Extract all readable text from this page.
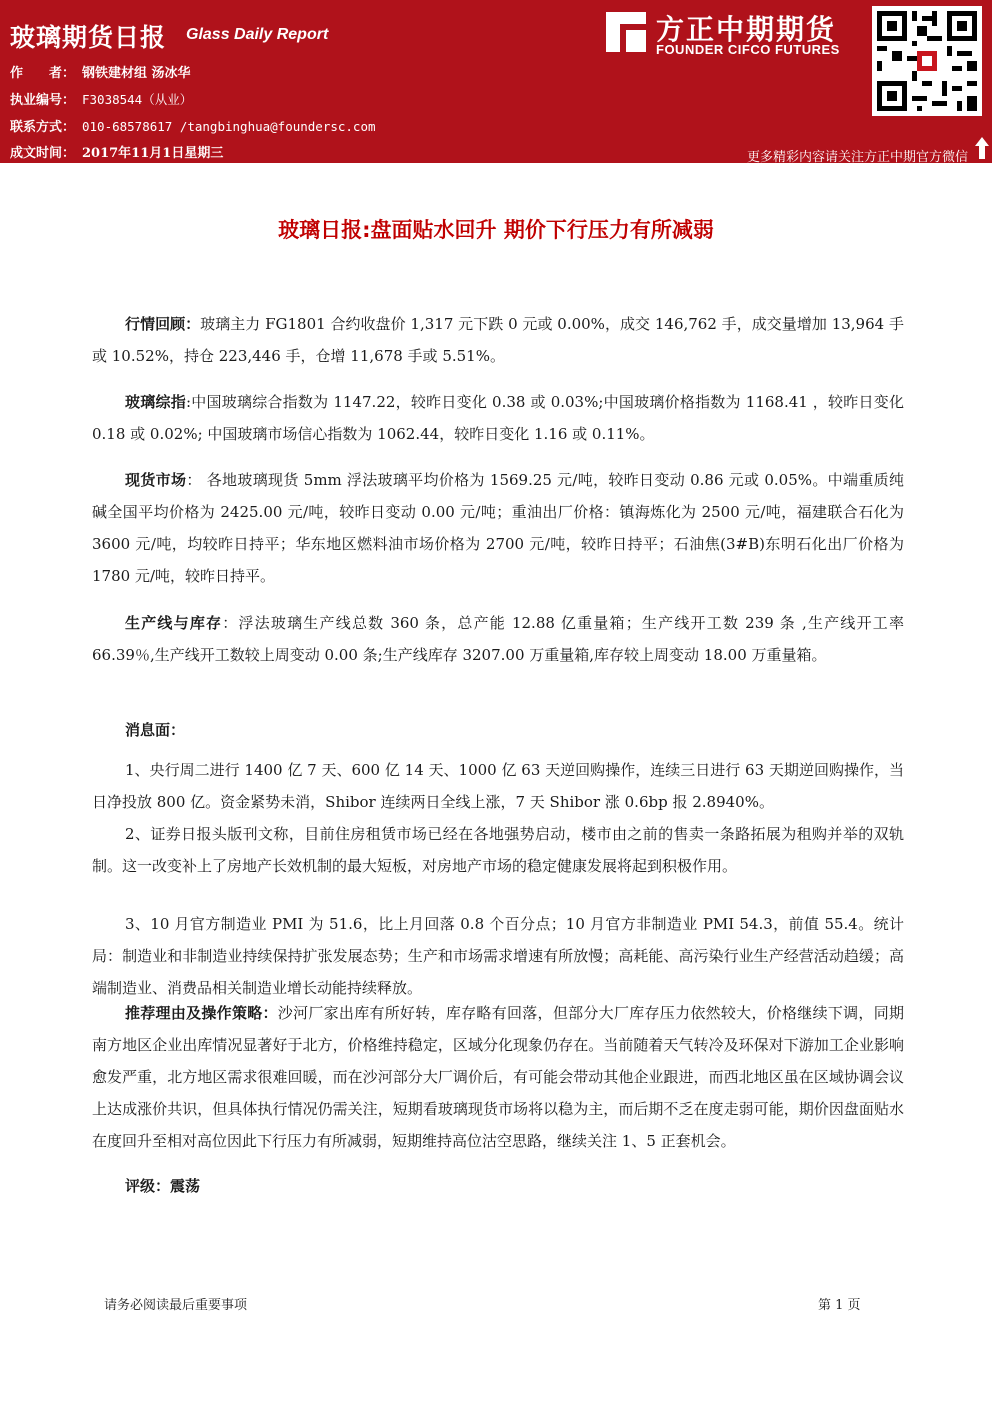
玻璃期货日报 Glass Daily Report
作　　者： 钢铁建材组 汤冰华
执业编号： F3038544（从业）
联系方式： 010-68578617 /tangbinghua@foundersc.com
成文时间： 2017年11月1日星期三
方正中期期货
FOUNDER CIFCO FUTURES
更多精彩内容请关注方正中期官方微信
玻璃日报:盘面贴水回升 期价下行压力有所减弱

行情回顾：玻璃主力 FG1801 合约收盘价 1,317 元下跌 0 元或 0.00%，成交 146,762 手，成交量增加 13,964 手或 10.52%，持仓 223,446 手，仓增 11,678 手或 5.51%。

玻璃综指:中国玻璃综合指数为 1147.22，较昨日变化 0.38 或 0.03%;中国玻璃价格指数为 1168.41 ，较昨日变化 0.18 或 0.02%; 中国玻璃市场信心指数为 1062.44，较昨日变化 1.16 或 0.11%。

现货市场： 各地玻璃现货 5mm 浮法玻璃平均价格为 1569.25 元/吨，较昨日变动 0.86 元或 0.05%。中端重质纯碱全国平均价格为 2425.00 元/吨，较昨日变动 0.00 元/吨；重油出厂价格：镇海炼化为 2500 元/吨，福建联合石化为 3600 元/吨，均较昨日持平；华东地区燃料油市场价格为 2700 元/吨，较昨日持平；石油焦(3#B)东明石化出厂价格为 1780 元/吨，较昨日持平。

生产线与库存：浮法玻璃生产线总数 360 条，总产能 12.88 亿重量箱；生产线开工数 239 条 ,生产线开工率 66.39％,生产线开工数较上周变动 0.00 条;生产线库存 3207.00 万重量箱,库存较上周变动 18.00 万重量箱。

消息面：

1、央行周二进行 1400 亿 7 天、600 亿 14 天、1000 亿 63 天逆回购操作，连续三日进行 63 天期逆回购操作，当日净投放 800 亿。资金紧势未消，Shibor 连续两日全线上涨，7 天 Shibor 涨 0.6bp 报 2.8940%。

2、证券日报头版刊文称，目前住房租赁市场已经在各地强势启动，楼市由之前的售卖一条路拓展为租购并举的双轨制。这一改变补上了房地产长效机制的最大短板，对房地产市场的稳定健康发展将起到积极作用。

3、10 月官方制造业 PMI 为 51.6，比上月回落 0.8 个百分点；10 月官方非制造业 PMI 54.3，前值 55.4。统计局：制造业和非制造业持续保持扩张发展态势；生产和市场需求增速有所放慢；高耗能、高污染行业生产经营活动趋缓；高端制造业、消费品相关制造业增长动能持续释放。

推荐理由及操作策略：沙河厂家出库有所好转，库存略有回落，但部分大厂库存压力依然较大，价格继续下调，同期南方地区企业出库情况显著好于北方，价格维持稳定，区域分化现象仍存在。当前随着天气转冷及环保对下游加工企业影响愈发严重，北方地区需求很难回暖，而在沙河部分大厂调价后，有可能会带动其他企业跟进，而西北地区虽在区域协调会议上达成涨价共识，但具体执行情况仍需关注，短期看玻璃现货市场将以稳为主，而后期不乏在度走弱可能，期价因盘面贴水在度回升至相对高位因此下行压力有所减弱，短期维持高位沽空思路，继续关注 1、5 正套机会。

评级：震荡

请务必阅读最后重要事项	第 1 页
